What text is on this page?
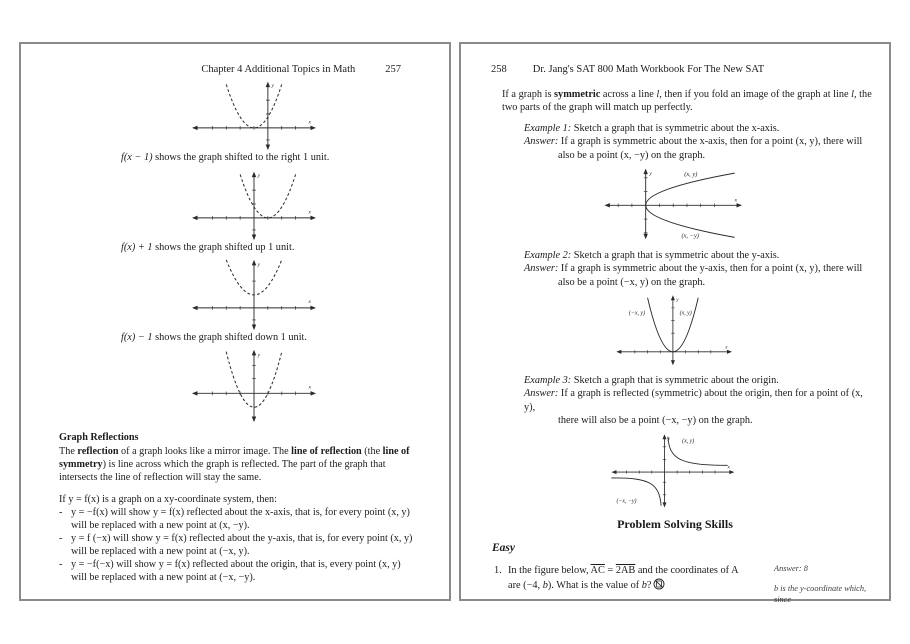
Chapter 4 Additional Topics in Math	257
y
x
f(x − 1) shows the graph shifted to the right 1 unit.
y
x
f(x) + 1 shows the graph shifted up 1 unit.
y
x
f(x) − 1 shows the graph shifted down 1 unit.
y
x
Graph Reflections
The reflection of a graph looks like a mirror image. The line of reflection (the line of symmetry) is line across which the graph is reflected. The part of the graph that intersects the line of reflection will stay the same.
If y = f(x) is a graph on a xy-coordinate system, then:
- y = −f(x) will show y = f(x) reflected about the x-axis, that is, for every point (x, y) will be replaced with a new point at (x, −y).
- y = f (−x) will show y = f(x) reflected about the y-axis, that is, for every point (x, y) will be replaced with a new point at (−x, y).
- y = −f(−x) will show y = f(x) reflected about the origin, that is, every point (x, y) will be replaced with a new point at (−x, −y).
258 Dr. Jang's SAT 800 Math Workbook For The New SAT
If a graph is symmetric across a line l, then if you fold an image of the graph at line l, the two parts of the graph will match up perfectly.
Example 1: Sketch a graph that is symmetric about the x-axis.
Answer: If a graph is symmetric about the x-axis, then for a point (x, y), there will
also be a point (x, −y) on the graph.
(x, y)
(x, −y)
y
x
Example 2: Sketch a graph that is symmetric about the y-axis.
Answer: If a graph is symmetric about the y-axis, then for a point (x, y), there will
also be a point (−x, y) on the graph.
(−x, y)	(x, y)
y
x
Example 3: Sketch a graph that is symmetric about the origin.
Answer: If a graph is reflected (symmetric) about the origin, then for a point of (x, y),
there will also be a point (−x, −y) on the graph.
(x, y)
(−x, −y)
y
x
Problem Solving Skills
Easy
1. In the figure below, $\overline{AC} = 2AB$ and the coordinates of A are (−4, b). What is the value of b?
Answer: 8
b is the y-coordinate which, since
